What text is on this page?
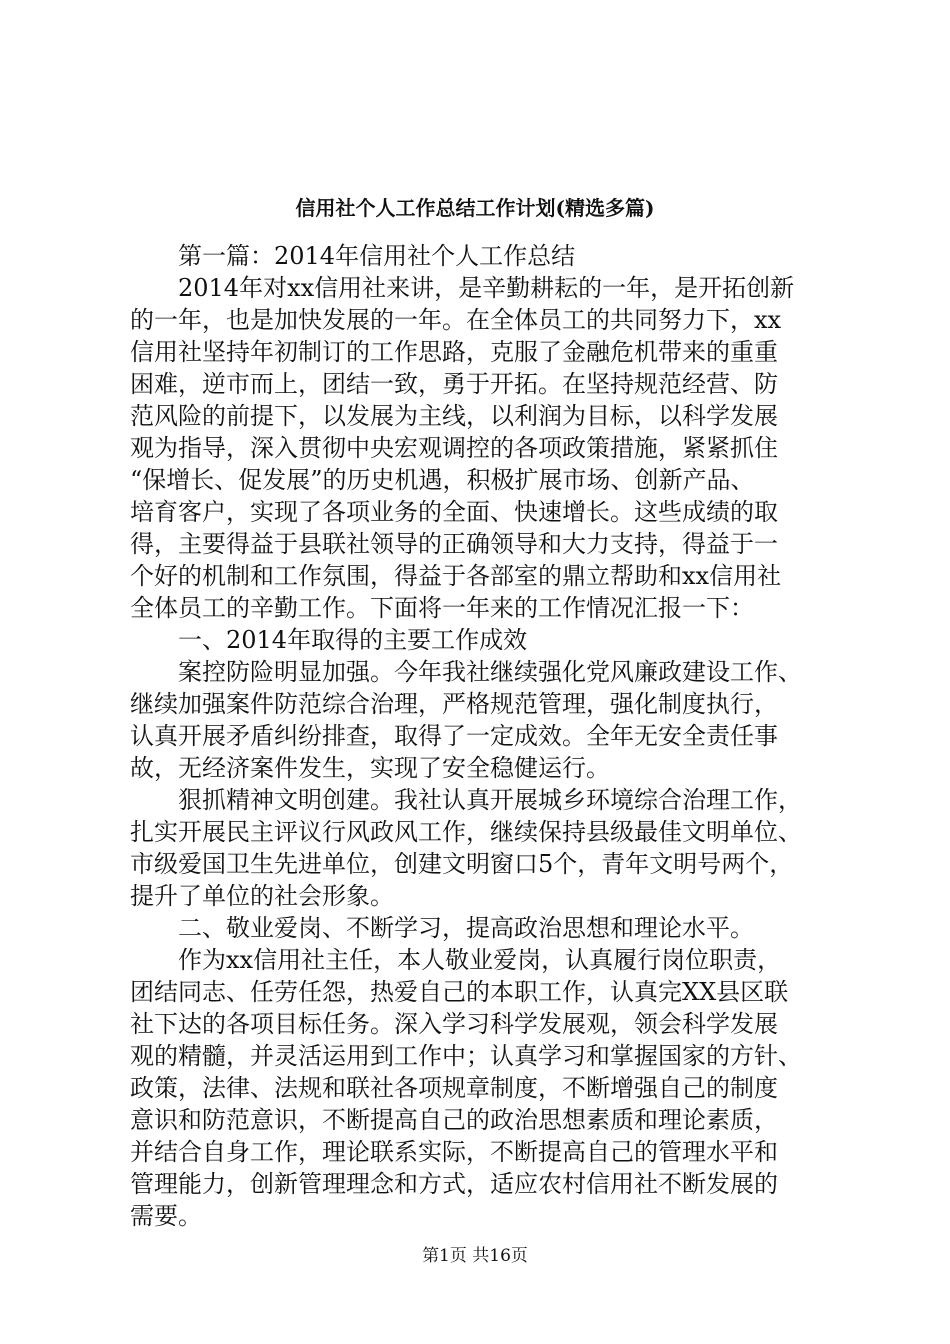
信用社个人工作总结工作计划(精选多篇)
第一篇：2014年信用社个人工作总结
2014年对xx信用社来讲，是辛勤耕耘的一年，是开拓创新
的一年，也是加快发展的一年。在全体员工的共同努力下，xx
信用社坚持年初制订的工作思路，克服了金融危机带来的重重
困难，逆市而上，团结一致，勇于开拓。在坚持规范经营、防
范风险的前提下，以发展为主线，以利润为目标，以科学发展
观为指导，深入贯彻中央宏观调控的各项政策措施，紧紧抓住
“保增长、促发展”的历史机遇，积极扩展市场、创新产品、
培育客户，实现了各项业务的全面、快速增长。这些成绩的取
得，主要得益于县联社领导的正确领导和大力支持，得益于一
个好的机制和工作氛围，得益于各部室的鼎立帮助和xx信用社
全体员工的辛勤工作。下面将一年来的工作情况汇报一下：
一、2014年取得的主要工作成效
案控防险明显加强。今年我社继续强化党风廉政建设工作、
继续加强案件防范综合治理，严格规范管理，强化制度执行，
认真开展矛盾纠纷排查，取得了一定成效。全年无安全责任事
故，无经济案件发生，实现了安全稳健运行。
狠抓精神文明创建。我社认真开展城乡环境综合治理工作，
扎实开展民主评议行风政风工作，继续保持县级最佳文明单位、
市级爱国卫生先进单位，创建文明窗口5个，青年文明号两个，
提升了单位的社会形象。
二、敬业爱岗、不断学习，提高政治思想和理论水平。
作为xx信用社主任，本人敬业爱岗，认真履行岗位职责，
团结同志、任劳任怨，热爱自己的本职工作，认真完XX县区联
社下达的各项目标任务。深入学习科学发展观，领会科学发展
观的精髓，并灵活运用到工作中；认真学习和掌握国家的方针、
政策，法律、法规和联社各项规章制度，不断增强自己的制度
意识和防范意识，不断提高自己的政治思想素质和理论素质，
并结合自身工作，理论联系实际，不断提高自己的管理水平和
管理能力，创新管理理念和方式，适应农村信用社不断发展的
需要。
第1页 共16页
